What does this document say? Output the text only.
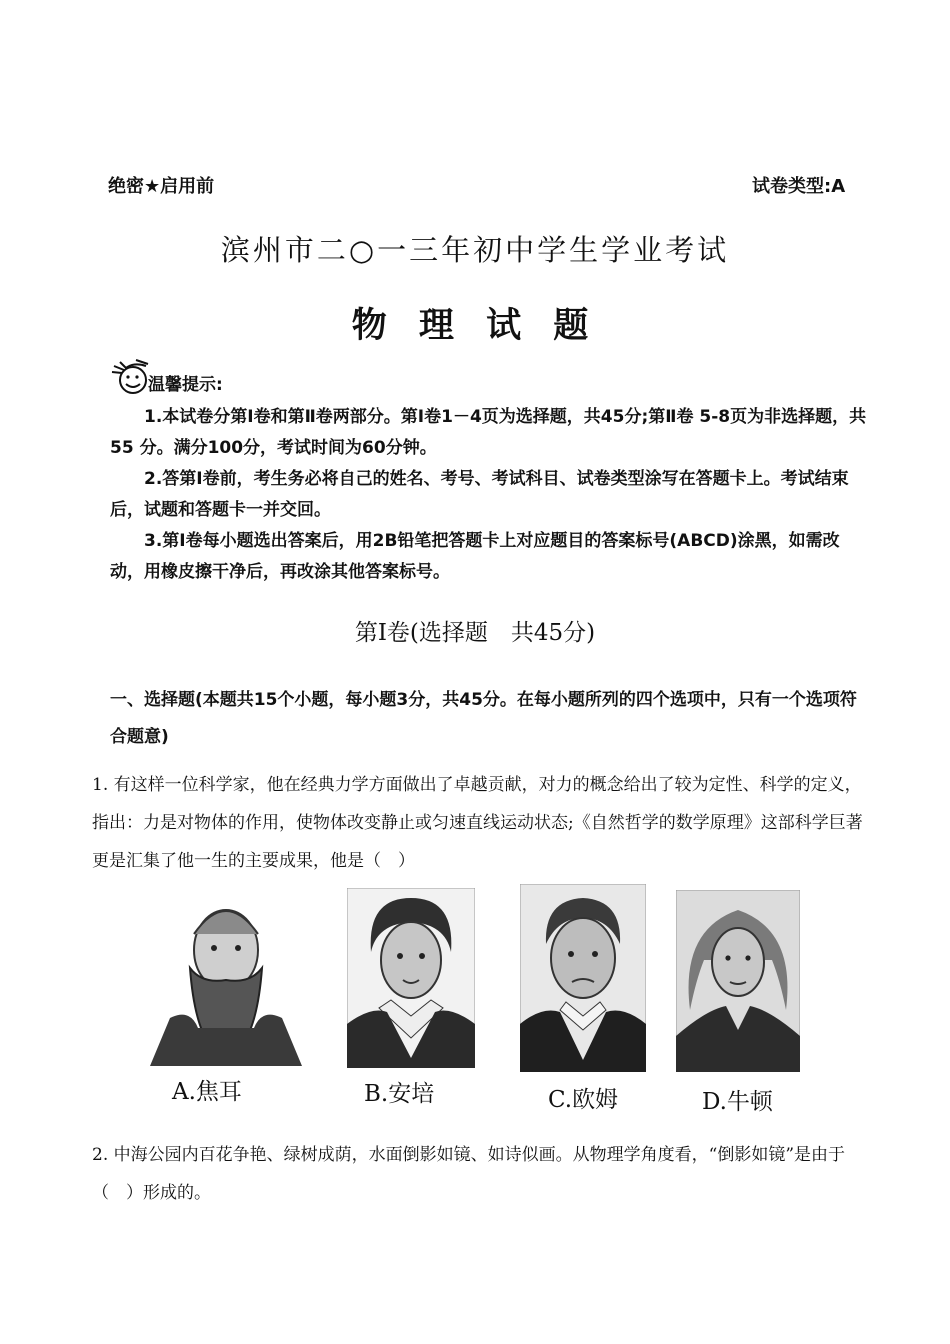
绝密★启用前	试卷类型:A
滨州市二○一三年初中学生学业考试
物 理 试 题
温馨提示:

1.本试卷分第Ⅰ卷和第Ⅱ卷两部分。第Ⅰ卷1－4页为选择题，共45分;第Ⅱ卷 5-8页为非选择题，共55 分。满分100分，考试时间为60分钟。

2.答第Ⅰ卷前，考生务必将自己的姓名、考号、考试科目、试卷类型涂写在答题卡上。考试结束后，试题和答题卡一并交回。

3.第Ⅰ卷每小题选出答案后，用2B铅笔把答题卡上对应题目的答案标号(ABCD)涂黑，如需改动，用橡皮擦干净后，再改涂其他答案标号。

第Ⅰ卷(选择题　共45分)
一、选择题(本题共15个小题，每小题3分，共45分。在每小题所列的四个选项中，只有一个选项符合题意)
1. 有这样一位科学家，他在经典力学方面做出了卓越贡献，对力的概念给出了较为定性、科学的定义，指出：力是对物体的作用，使物体改变静止或匀速直线运动状态;《自然哲学的数学原理》这部科学巨著更是汇集了他一生的主要成果，他是（　）
A.焦耳	B.安培	C.欧姆	D.牛顿
2. 中海公园内百花争艳、绿树成荫，水面倒影如镜、如诗似画。从物理学角度看，“倒影如镜”是由于（　）形成的。
